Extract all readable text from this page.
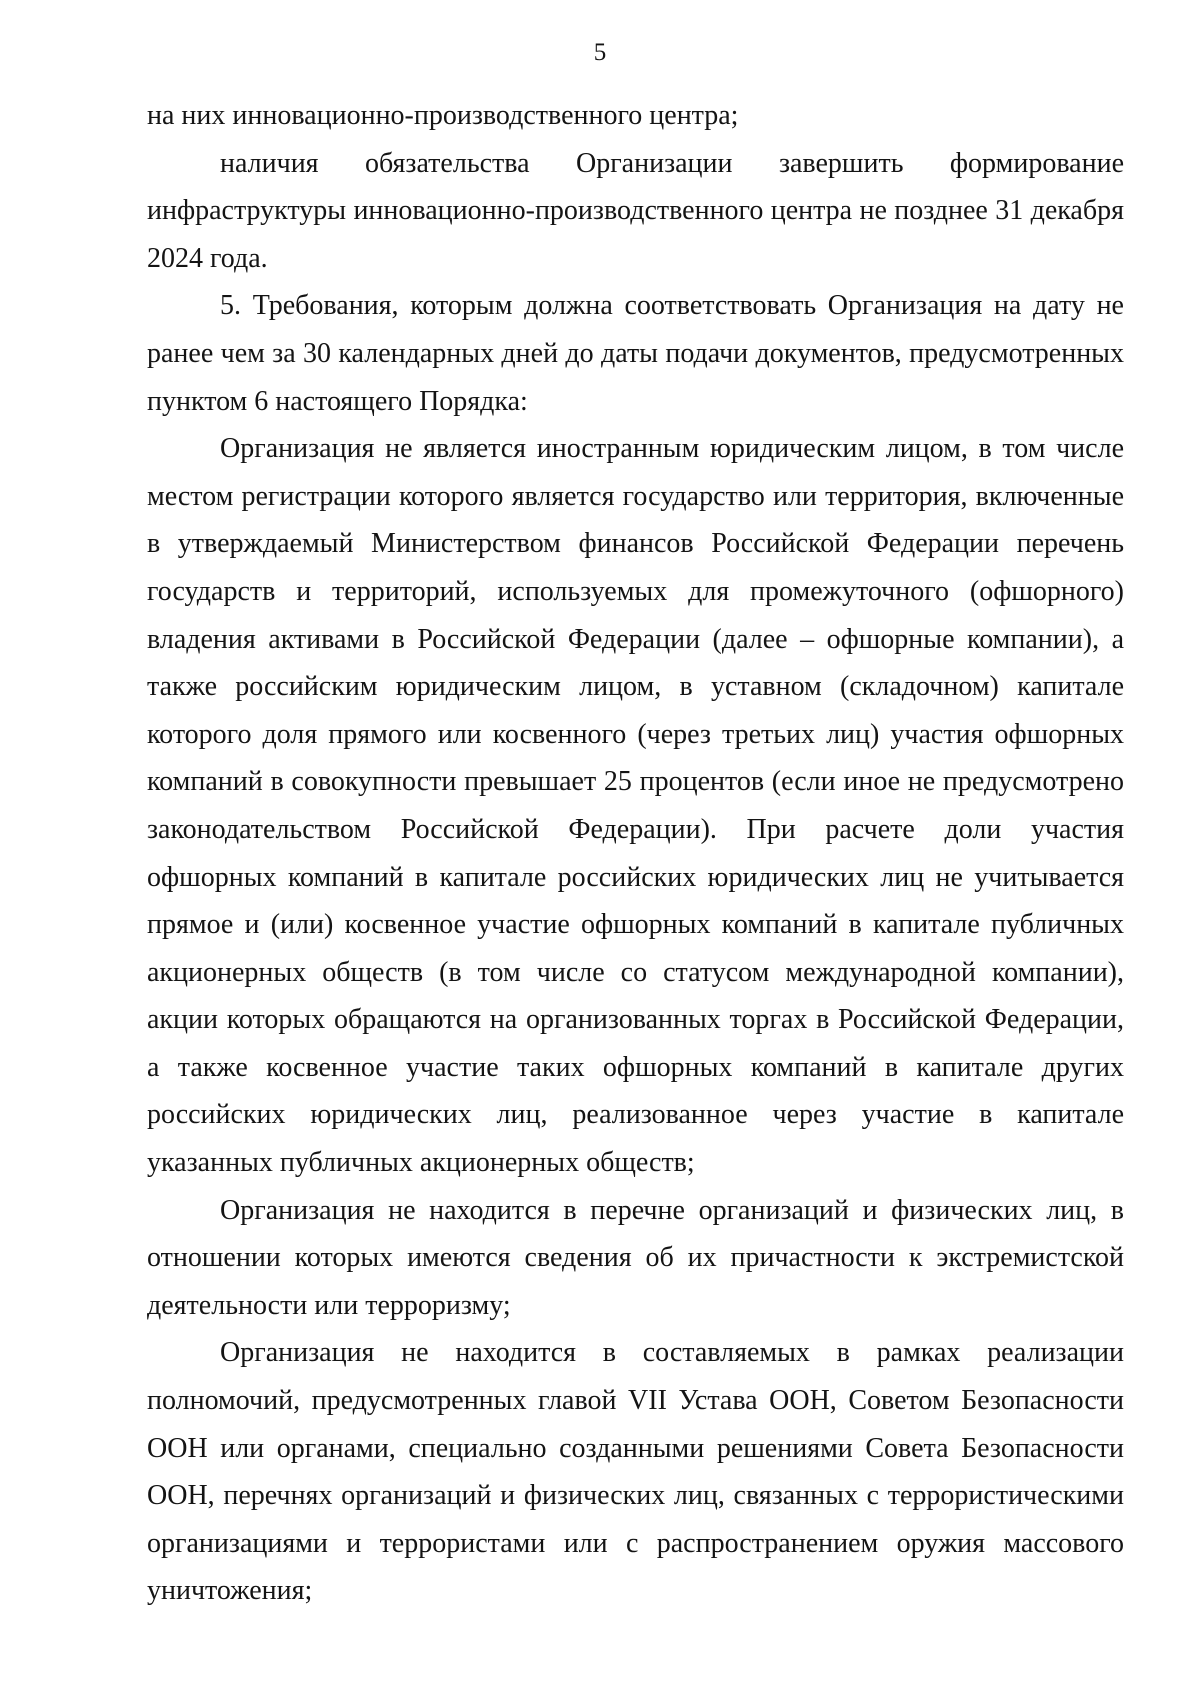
5

на них инновационно-производственного центра;

наличия обязательства Организации завершить формирование инфраструктуры инновационно-производственного центра не позднее 31 декабря 2024 года.

5. Требования, которым должна соответствовать Организация на дату не ранее чем за 30 календарных дней до даты подачи документов, предусмотренных пунктом 6 настоящего Порядка:

Организация не является иностранным юридическим лицом, в том числе местом регистрации которого является государство или территория, включенные в утверждаемый Министерством финансов Российской Федерации перечень государств и территорий, используемых для промежуточного (офшорного) владения активами в Российской Федерации (далее – офшорные компании), а также российским юридическим лицом, в уставном (складочном) капитале которого доля прямого или косвенного (через третьих лиц) участия офшорных компаний в совокупности превышает 25 процентов (если иное не предусмотрено законодательством Российской Федерации). При расчете доли участия офшорных компаний в капитале российских юридических лиц не учитывается прямое и (или) косвенное участие офшорных компаний в капитале публичных акционерных обществ (в том числе со статусом международной компании), акции которых обращаются на организованных торгах в Российской Федерации, а также косвенное участие таких офшорных компаний в капитале других российских юридических лиц, реализованное через участие в капитале указанных публичных акционерных обществ;

Организация не находится в перечне организаций и физических лиц, в отношении которых имеются сведения об их причастности к экстремистской деятельности или терроризму;

Организация не находится в составляемых в рамках реализации полномочий, предусмотренных главой VII Устава ООН, Советом Безопасности ООН или органами, специально созданными решениями Совета Безопасности ООН, перечнях организаций и физических лиц, связанных с террористическими организациями и террористами или с распространением оружия массового уничтожения;
